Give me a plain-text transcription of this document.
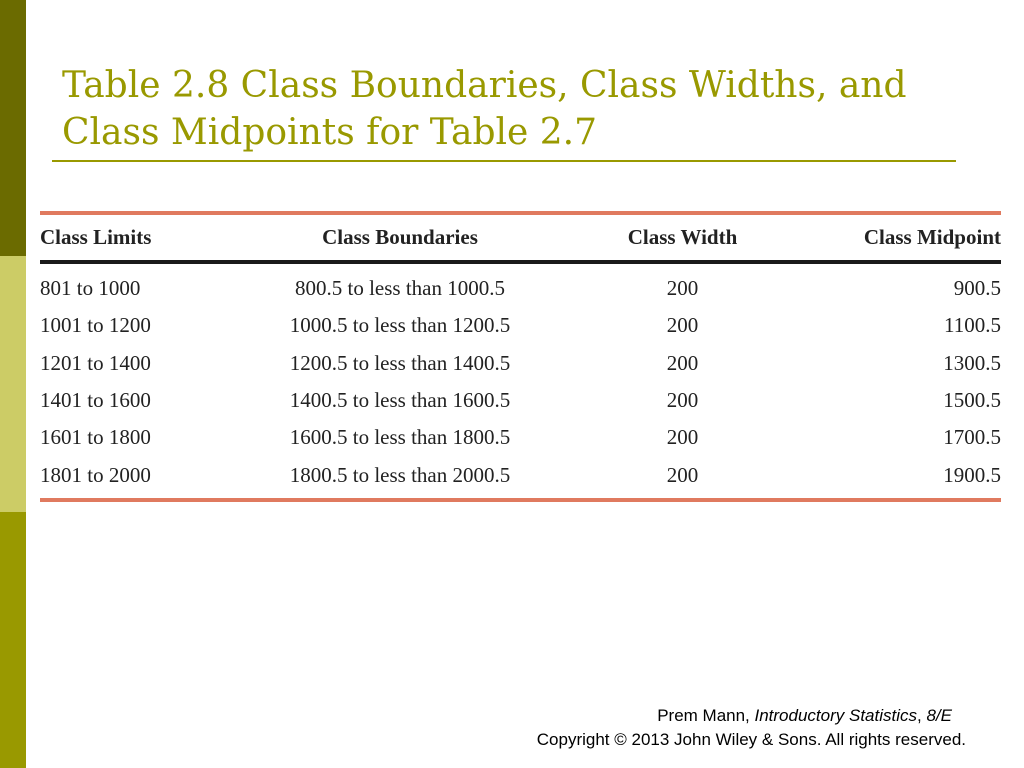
Table 2.8 Class Boundaries, Class Widths, and
Class Midpoints for Table 2.7
Class Limits	Class Boundaries	Class Width	Class Midpoint
801 to 1000	800.5 to less than 1000.5	200	900.5
1001 to 1200	1000.5 to less than 1200.5	200	1100.5
1201 to 1400	1200.5 to less than 1400.5	200	1300.5
1401 to 1600	1400.5 to less than 1600.5	200	1500.5
1601 to 1800	1600.5 to less than 1800.5	200	1700.5
1801 to 2000	1800.5 to less than 2000.5	200	1900.5
Prem Mann, Introductory Statistics, 8/E
Copyright © 2013 John Wiley & Sons. All rights reserved.
